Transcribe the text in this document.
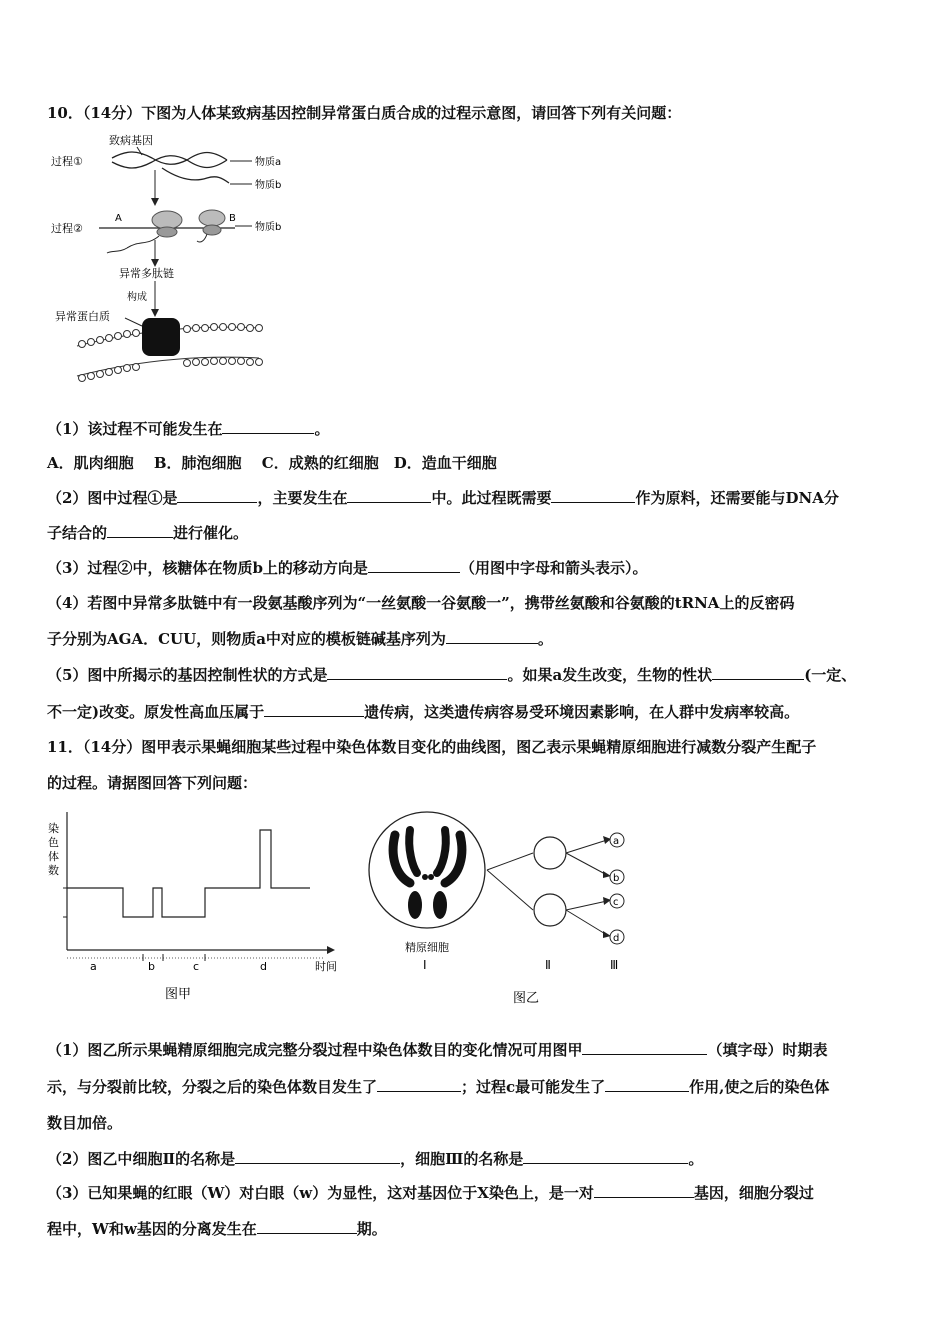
10．（14分）下图为人体某致病基因控制异常蛋白质合成的过程示意图，请回答下列有关问题：
致病基因
过程①	物质a
物质b
过程②
A	B
物质b
异常多肽链
构成
异常蛋白质
（1）该过程不可能发生在	。
A．肌肉细胞　 B．肺泡细胞　 C．成熟的红细胞　D．造血干细胞
（2）图中过程①是	，主要发生在	中。此过程既需要	作为原料，还需要能与DNA分
子结合的	进行催化。
（3）过程②中，核糖体在物质b上的移动方向是	（用图中字母和箭头表示）。
（4）若图中异常多肽链中有一段氨基酸序列为“一丝氨酸一谷氨酸一”，携带丝氨酸和谷氨酸的tRNA上的反密码
子分别为AGA．CUU，则物质a中对应的模板链碱基序列为	。
（5）图中所揭示的基因控制性状的方式是	。如果a发生改变，生物的性状	(一定、
不一定)改变。原发性高血压属于	遗传病，这类遗传病容易受环境因素影响，在人群中发病率较高。
11．（14分）图甲表示果蝇细胞某些过程中染色体数目变化的曲线图，图乙表示果蝇精原细胞进行减数分裂产生配子
的过程。请据图回答下列问题：
染
色
体
数
a	b	c	d	时间
图甲
a
b
c
d
精原细胞
Ⅰ	Ⅱ	Ⅲ
图乙
（1）图乙所示果蝇精原细胞完成完整分裂过程中染色体数目的变化情况可用图甲	（填字母）时期表
示，与分裂前比较，分裂之后的染色体数目发生了	；过程c最可能发生了	作用,使之后的染色体
数目加倍。
（2）图乙中细胞Ⅱ的名称是	，细胞Ⅲ的名称是	。
（3）已知果蝇的红眼（W）对白眼（w）为显性，这对基因位于X染色上，是一对	基因，细胞分裂过
程中，W和w基因的分离发生在	期。
